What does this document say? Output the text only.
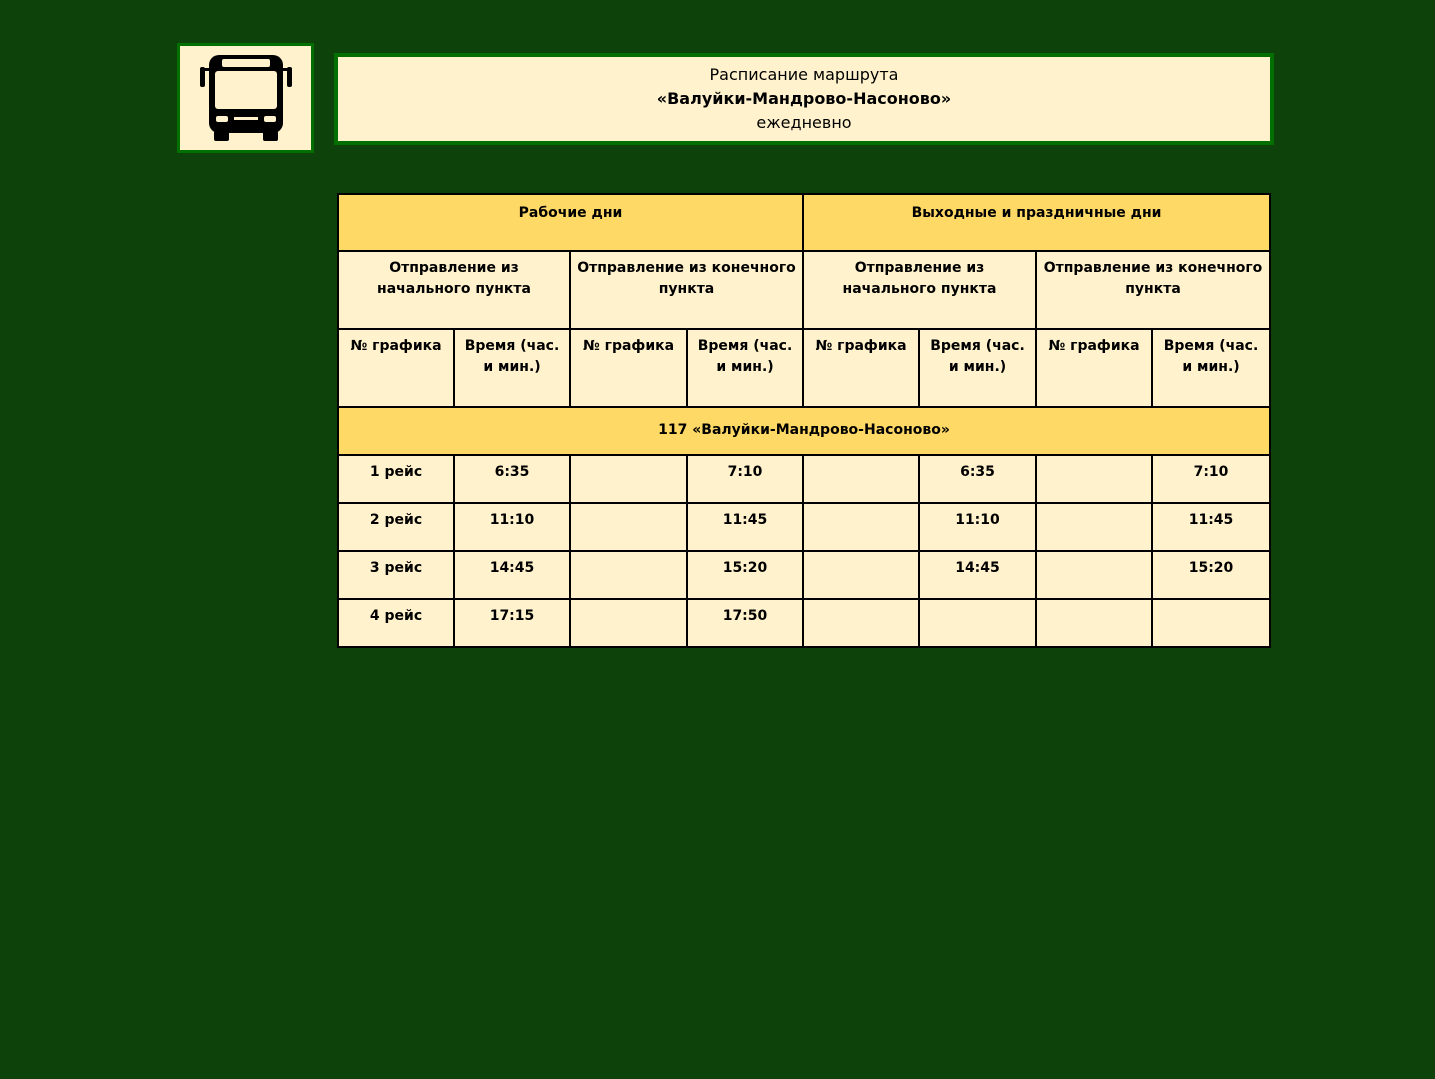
Расписание маршрута
«Валуйки-Мандрово-Насоново»
ежедневно
Рабочие дни				Выходные и праздничные дни			
Отправление из начального пункта		Отправление из конечного пункта		Отправление из начального пункта		Отправление из конечного пункта	
№ графика	Время (час. и мин.)	№ графика	Время (час. и мин.)	№ графика	Время (час. и мин.)	№ графика	Время (час. и мин.)
117 «Валуйки-Мандрово-Насоново»							
1 рейс	6:35		7:10		6:35		7:10
2 рейс	11:10		11:45		11:10		11:45
3 рейс	14:45		15:20		14:45		15:20
4 рейс	17:15		17:50				
